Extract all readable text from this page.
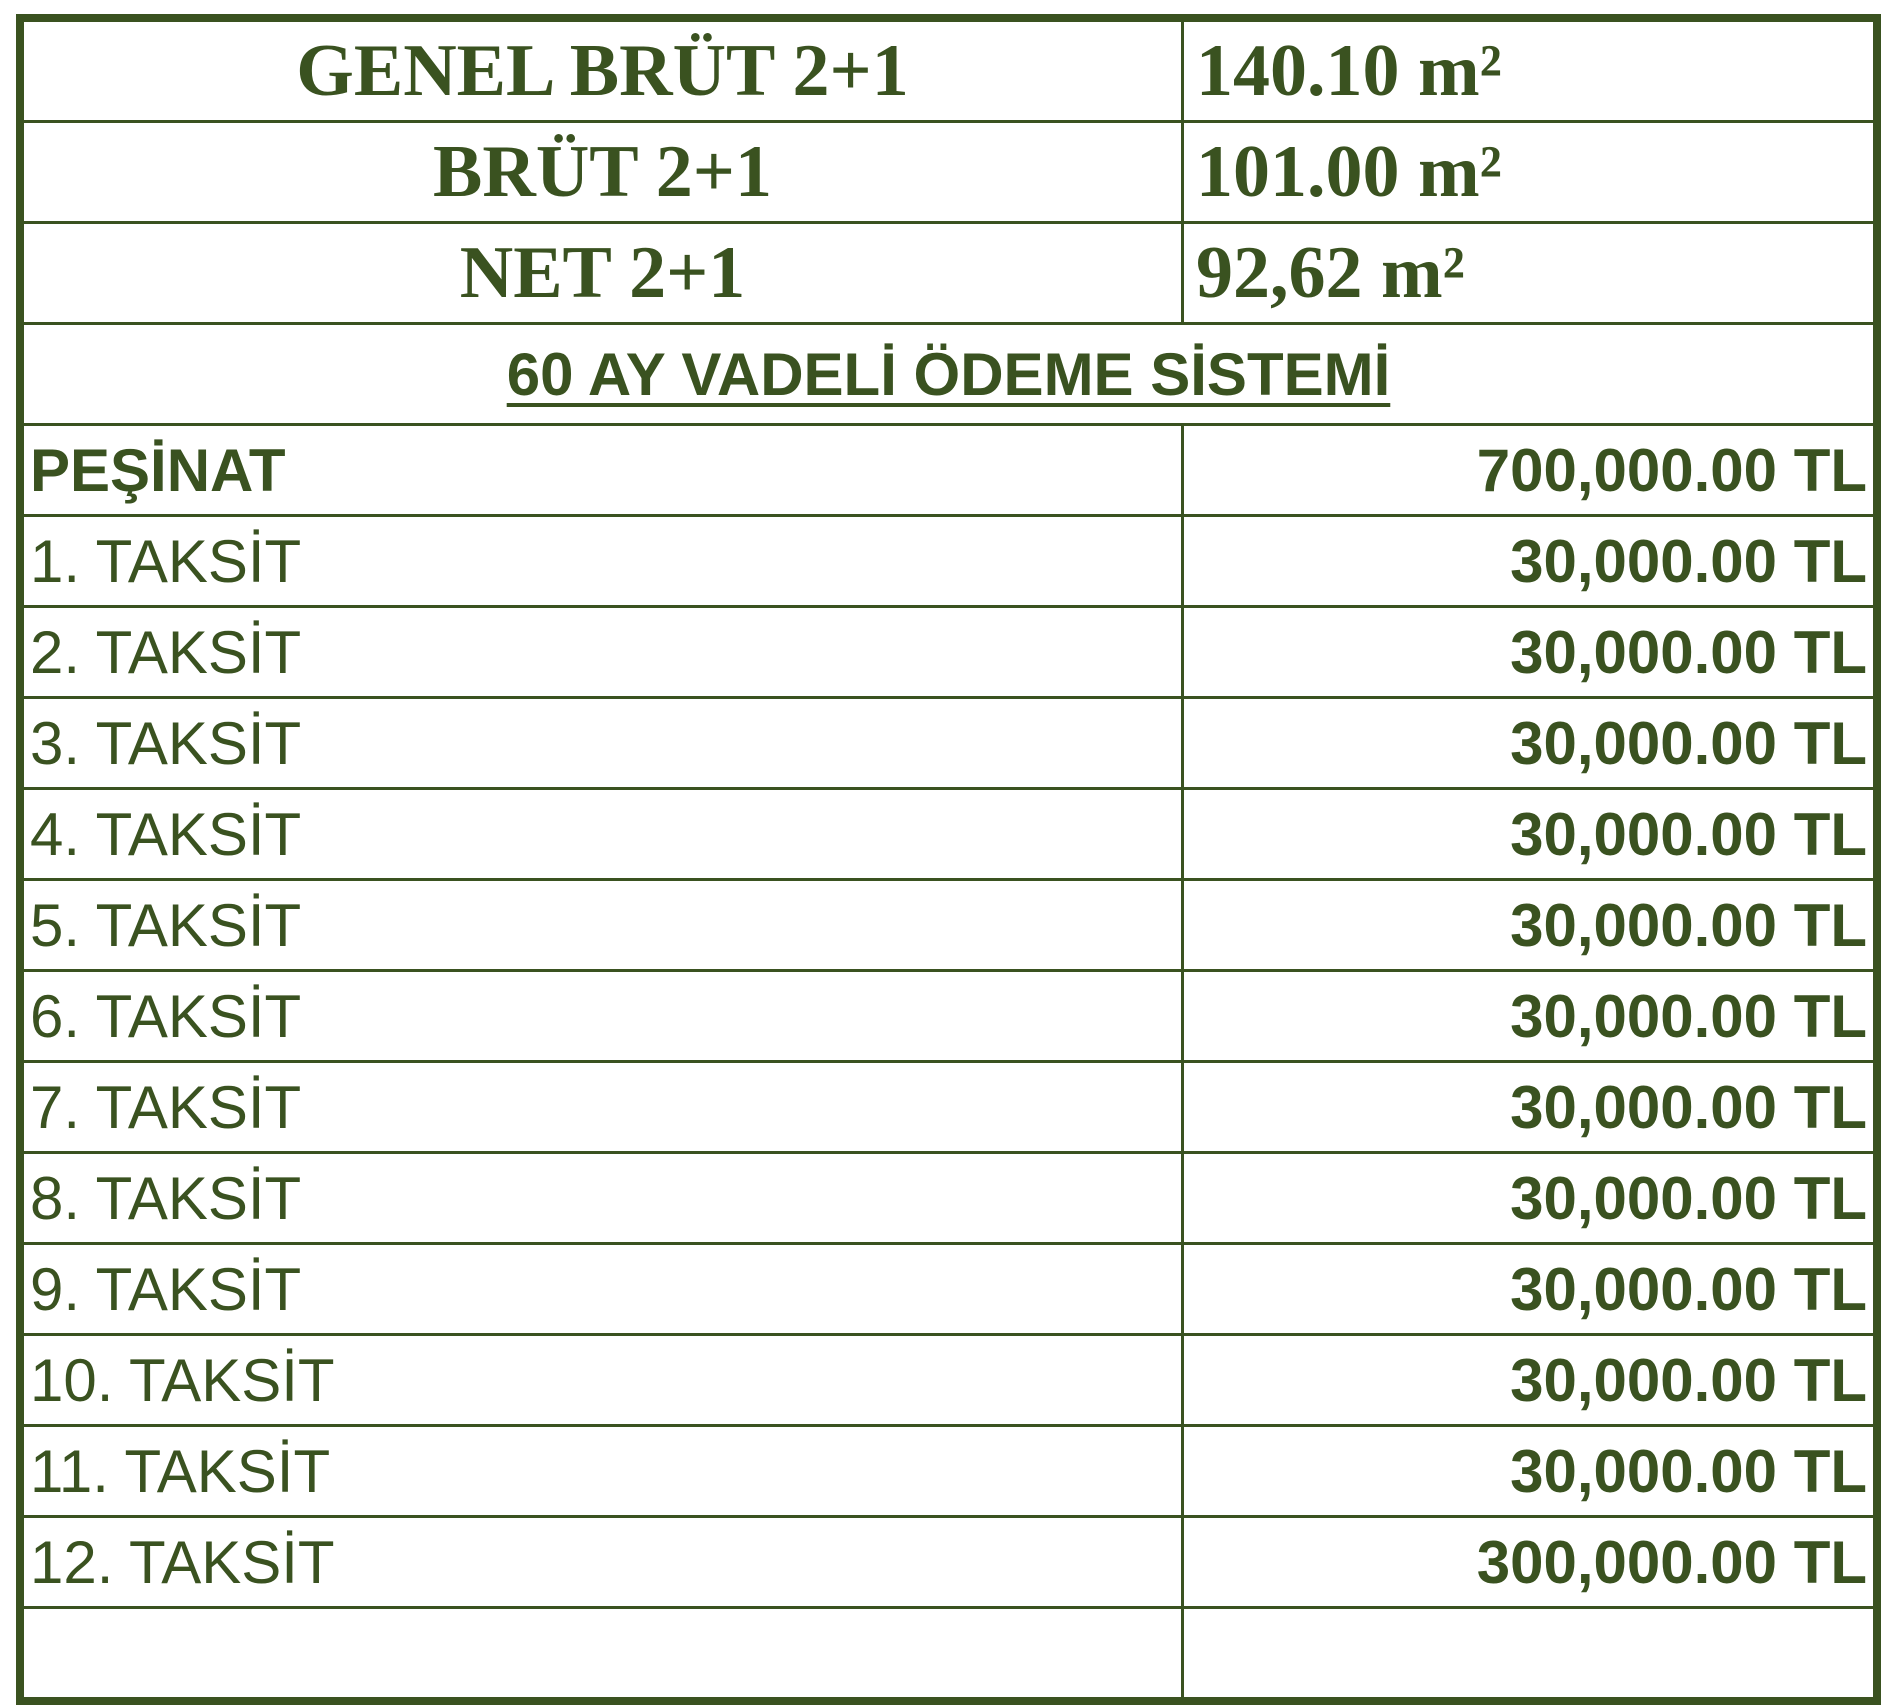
GENEL BRÜT 2+1	140.10 m²
BRÜT 2+1	101.00 m²
NET 2+1	92,62 m²
60 AY VADELİ ÖDEME SİSTEMİ	
PEŞİNAT	700,000.00 TL
1. TAKSİT	30,000.00 TL
2. TAKSİT	30,000.00 TL
3. TAKSİT	30,000.00 TL
4. TAKSİT	30,000.00 TL
5. TAKSİT	30,000.00 TL
6. TAKSİT	30,000.00 TL
7. TAKSİT	30,000.00 TL
8. TAKSİT	30,000.00 TL
9. TAKSİT	30,000.00 TL
10. TAKSİT	30,000.00 TL
11. TAKSİT	30,000.00 TL
12. TAKSİT	300,000.00 TL
